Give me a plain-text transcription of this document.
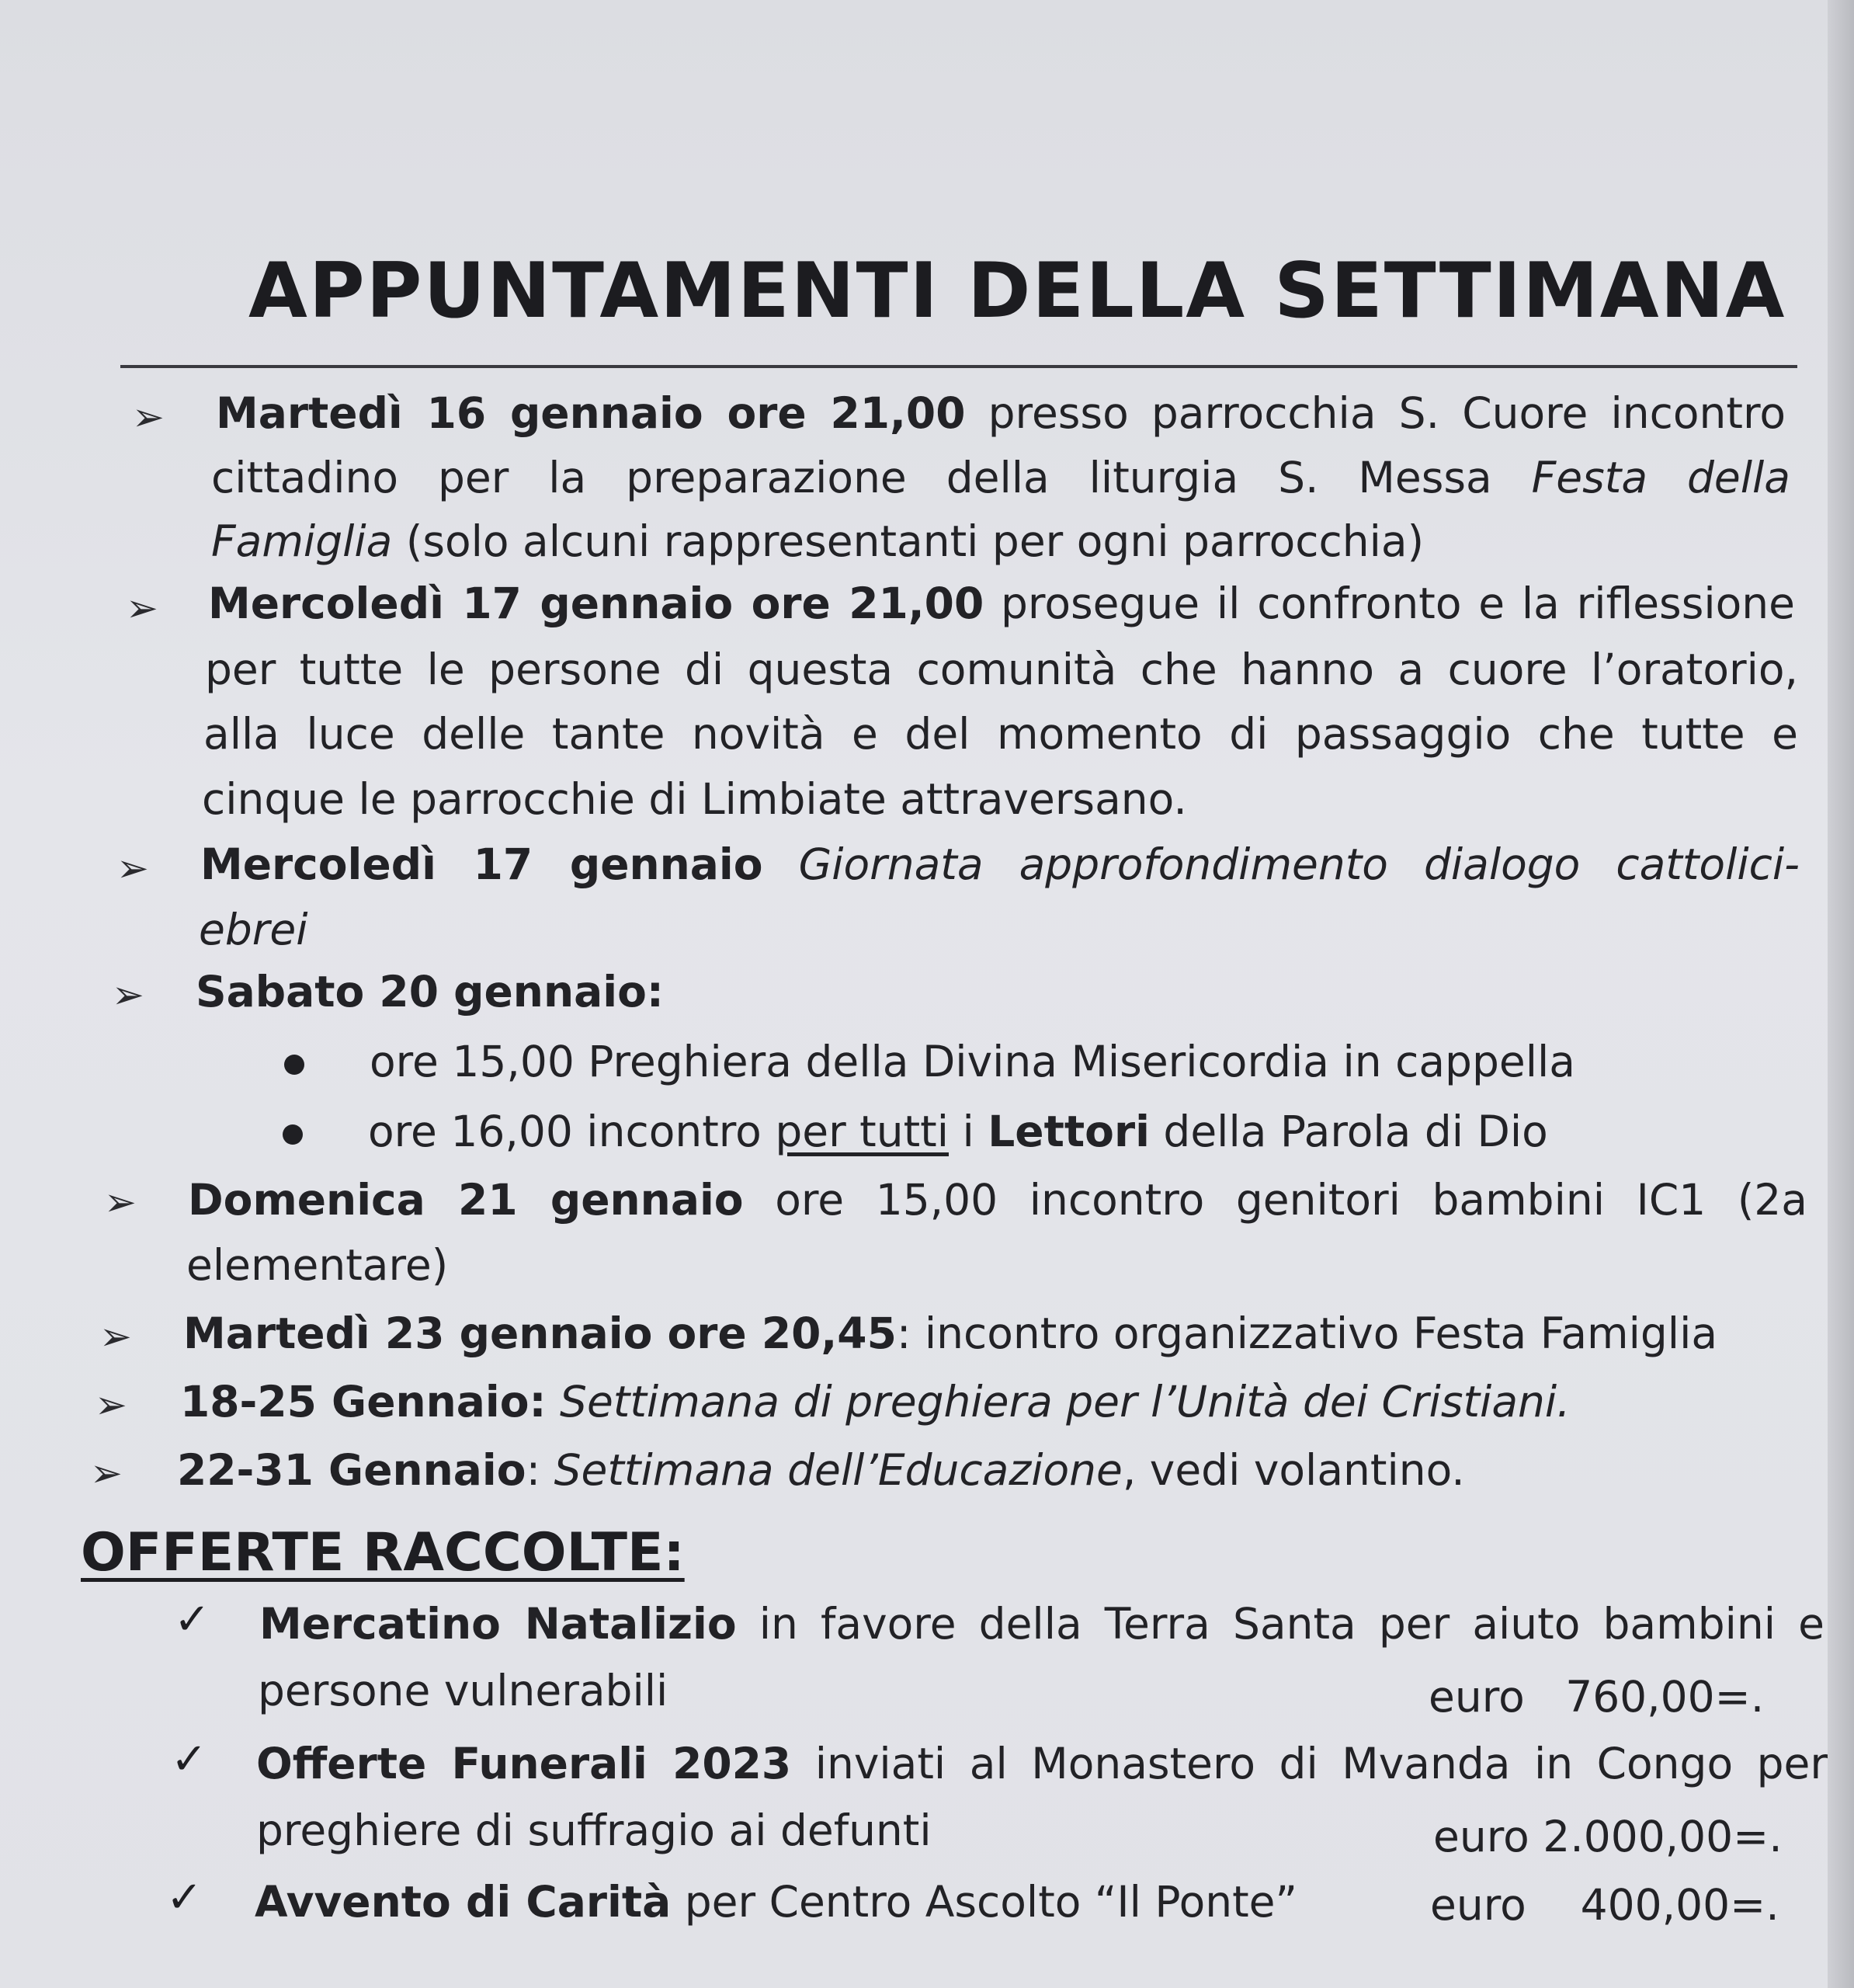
APPUNTAMENTI DELLA SETTIMANA
➢ Martedì 16 gennaio ore 21,00 presso parrocchia S. Cuore incontro
cittadino per la preparazione della liturgia S. Messa Festa della
Famiglia (solo alcuni rappresentanti per ogni parrocchia)
➢ Mercoledì 17 gennaio ore 21,00 prosegue il confronto e la riflessione
per tutte le persone di questa comunità che hanno a cuore l’oratorio,
alla luce delle tante novità e del momento di passaggio che tutte e
cinque le parrocchie di Limbiate attraversano.
➢ Mercoledì 17 gennaio Giornata approfondimento dialogo cattolici-
ebrei
➢ Sabato 20 gennaio:
ore 15,00 Preghiera della Divina Misericordia in cappella
ore 16,00 incontro per tutti i Lettori della Parola di Dio
➢ Domenica 21 gennaio ore 15,00 incontro genitori bambini IC1 (2a
elementare)
➢ Martedì 23 gennaio ore 20,45: incontro organizzativo Festa Famiglia
➢ 18-25 Gennaio: Settimana di preghiera per l’Unità dei Cristiani.
➢ 22-31 Gennaio: Settimana dell’Educazione, vedi volantino.
OFFERTE RACCOLTE:
✓ Mercatino Natalizio in favore della Terra Santa per aiuto bambini e
persone vulnerabili	euro   760,00=.
✓ Offerte Funerali 2023 inviati al Monastero di Mvanda in Congo per
preghiere di suffragio ai defunti	euro 2.000,00=.
✓ Avvento di Carità per Centro Ascolto “Il Ponte”	euro    400,00=.
